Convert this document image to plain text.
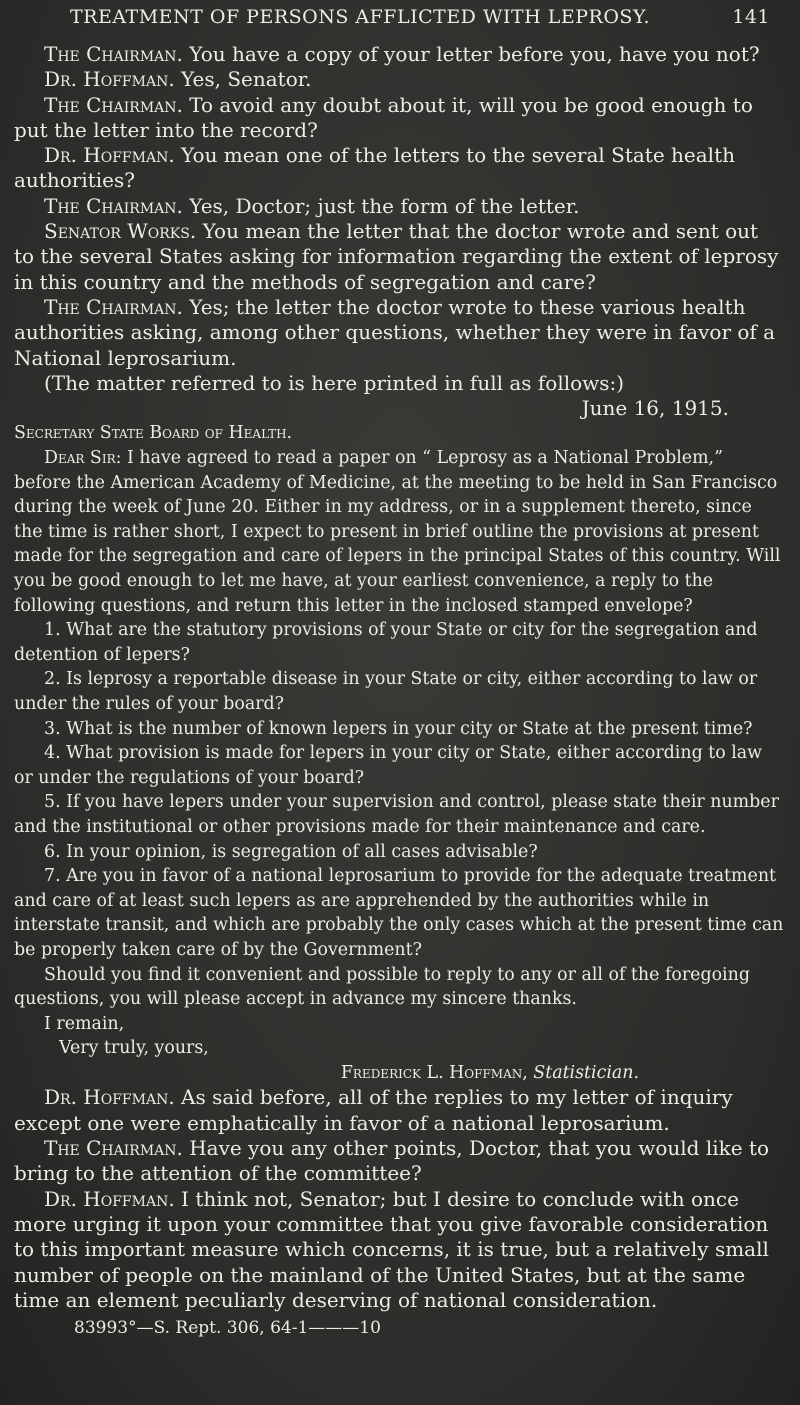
TREATMENT OF PERSONS AFFLICTED WITH LEPROSY.	141

The Chairman. You have a copy of your letter before you, have you not?

Dr. Hoffman. Yes, Senator.

The Chairman. To avoid any doubt about it, will you be good enough to put the letter into the record?

Dr. Hoffman. You mean one of the letters to the several State health authorities?

The Chairman. Yes, Doctor; just the form of the letter.

Senator Works. You mean the letter that the doctor wrote and sent out to the several States asking for information regarding the extent of leprosy in this country and the methods of segregation and care?

The Chairman. Yes; the letter the doctor wrote to these various health authorities asking, among other questions, whether they were in favor of a National leprosarium.

(The matter referred to is here printed in full as follows:)

June 16, 1915.

Secretary State Board of Health.

Dear Sir: I have agreed to read a paper on “ Leprosy as a National Problem,” before the American Academy of Medicine, at the meeting to be held in San Francisco during the week of June 20. Either in my address, or in a supplement thereto, since the time is rather short, I expect to present in brief outline the provisions at present made for the segregation and care of lepers in the principal States of this country. Will you be good enough to let me have, at your earliest convenience, a reply to the following questions, and return this letter in the inclosed stamped envelope?

1. What are the statutory provisions of your State or city for the segregation and detention of lepers?

2. Is leprosy a reportable disease in your State or city, either according to law or under the rules of your board?

3. What is the number of known lepers in your city or State at the present time?

4. What provision is made for lepers in your city or State, either according to law or under the regulations of your board?

5. If you have lepers under your supervision and control, please state their number and the institutional or other provisions made for their maintenance and care.

6. In your opinion, is segregation of all cases advisable?

7. Are you in favor of a national leprosarium to provide for the adequate treatment and care of at least such lepers as are apprehended by the authorities while in interstate transit, and which are probably the only cases which at the present time can be properly taken care of by the Government?

Should you find it convenient and possible to reply to any or all of the foregoing questions, you will please accept in advance my sincere thanks.

I remain,

Very truly, yours,

Frederick L. Hoffman, Statistician.

Dr. Hoffman. As said before, all of the replies to my letter of inquiry except one were emphatically in favor of a national leprosarium.

The Chairman. Have you any other points, Doctor, that you would like to bring to the attention of the committee?

Dr. Hoffman. I think not, Senator; but I desire to conclude with once more urging it upon your committee that you give favorable consideration to this important measure which concerns, it is true, but a relatively small number of people on the mainland of the United States, but at the same time an element peculiarly deserving of national consideration.

83993°—S. Rept. 306, 64-1———10
